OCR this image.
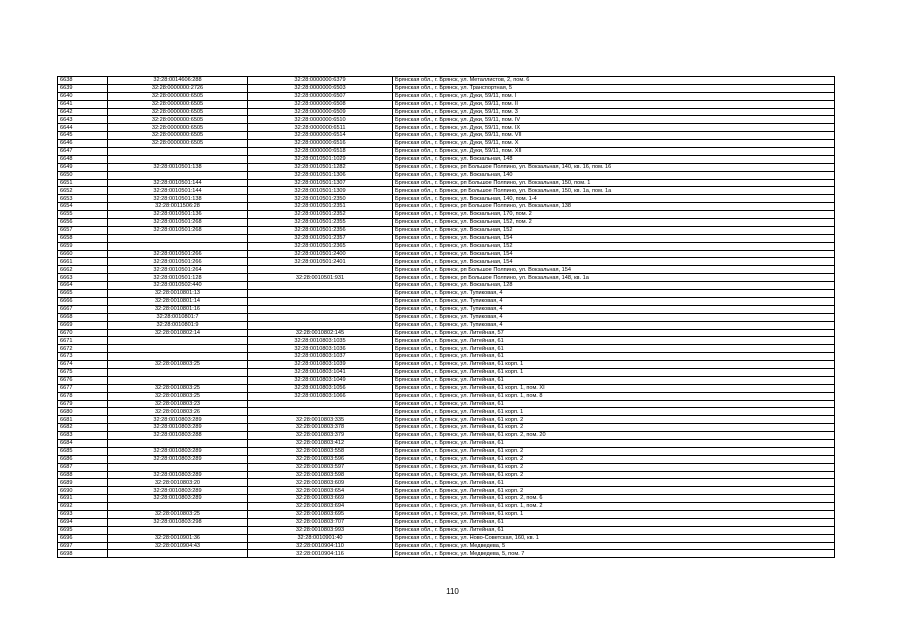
6638	32:28:0014606:288	32:28:0000000:6379	Брянская обл., г. Брянск, ул. Металлистов, 2, пом. 6
6639	32:28:0000000:2726	32:28:0000000:6503	Брянская обл., г. Брянск, ул. Транспортная, 5
6640	32:28:0000000:6505	32:28:0000000:6507	Брянская обл., г. Брянск, ул. Дуки, 59/11, пом. I
6641	32:28:0000000:6505	32:28:0000000:6508	Брянская обл., г. Брянск, ул. Дуки, 59/11, пом. II
6642	32:28:0000000:6505	32:28:0000000:6509	Брянская обл., г. Брянск, ул. Дуки, 59/11, пом. 3
6643	32:28:0000000:6505	32:28:0000000:6510	Брянская обл., г. Брянск, ул. Дуки, 59/11, пом. IV
6644	32:28:0000000:6505	32:28:0000000:6511	Брянская обл., г. Брянск, ул. Дуки, 59/11, пом. IX
6645	32:28:0000000:6505	32:28:0000000:6514	Брянская обл., г. Брянск, ул. Дуки, 59/11, пом. VII
6646	32:28:0000000:6505	32:28:0000000:6516	Брянская обл., г. Брянск, ул. Дуки, 59/11, пом. X
6647		32:28:0000000:6518	Брянская обл., г. Брянск, ул. Дуки, 59/11, пом. XII
6648		32:28:0010501:1029	Брянская обл., г. Брянск, ул. Вокзальная, 148
6649	32:28:0010501:138	32:28:0010501:1282	Брянская обл., г. Брянск, рп Большое Полпино, ул. Вокзальная, 140, кв. 16, пом. 16
6650		32:28:0010501:1306	Брянская обл., г. Брянск, ул. Вокзальная, 140
6651	32:28:0010501:144	32:28:0010501:1307	Брянская обл., г. Брянск, рп Большое Полпино, ул. Вокзальная, 150, пом. 1
6652	32:28:0010501:144	32:28:0010501:1309	Брянская обл., г. Брянск, рп Большое Полпино, ул. Вокзальная, 150, кв. 1а, пом. 1а
6653	32:28:0010501:138	32:28:0010501:2350	Брянская обл., г. Брянск, ул. Вокзальная, 140, пом. 1-4
6654	32:28:0011506:28	32:28:0010501:2351	Брянская обл., г. Брянск, рп Большое Полпино, ул. Вокзальная, 138
6655	32:28:0010501:136	32:28:0010501:2352	Брянская обл., г. Брянск, ул. Вокзальная, 170, пом. 2
6656	32:28:0010501:268	32:28:0010501:2355	Брянская обл., г. Брянск, ул. Вокзальная, 152, пом. 2
6657	32:28:0010501:268	32:28:0010501:2356	Брянская обл., г. Брянск, ул. Вокзальная, 152
6658		32:28:0010501:2357	Брянская обл., г. Брянск, ул. Вокзальная, 154
6659		32:28:0010501:2365	Брянская обл., г. Брянск, ул. Вокзальная, 152
6660	32:28:0010501:266	32:28:0010501:2400	Брянская обл., г. Брянск, ул. Вокзальная, 154
6661	32:28:0010501:266	32:28:0010501:2401	Брянская обл., г. Брянск, ул. Вокзальная, 154
6662	32:28:0010501:264		Брянская обл., г. Брянск, рп Большое Полпино, ул. Вокзальная, 154
6663	32:28:0010501:128	32:28:0010501:931	Брянская обл., г. Брянск, рп Большое Полпино, ул. Вокзальная, 148, кв. 1а
6664	32:28:0010502:440		Брянская обл., г. Брянск, ул. Вокзальная, 128
6665	32:28:0010801:13		Брянская обл., г. Брянск, ул. Тупиковая, 4
6666	32:28:0010801:14		Брянская обл., г. Брянск, ул. Тупиковая, 4
6667	32:28:0010801:16		Брянская обл., г. Брянск, ул. Тупиковая, 4
6668	32:28:0010801:7		Брянская обл., г. Брянск, ул. Тупиковая, 4
6669	32:28:0010801:9		Брянская обл., г. Брянск, ул. Тупиковая, 4
6670	32:28:0010802:14	32:28:0010802:145	Брянская обл., г. Брянск, ул. Литейная, 57
6671		32:28:0010803:1035	Брянская обл., г. Брянск, ул. Литейная, 61
6672		32:28:0010803:1036	Брянская обл., г. Брянск, ул. Литейная, 61
6673		32:28:0010803:1037	Брянская обл., г. Брянск, ул. Литейная, 61
6674	32:28:0010803:25	32:28:0010803:1039	Брянская обл., г. Брянск, ул. Литейная, 61 корп. 1
6675		32:28:0010803:1041	Брянская обл., г. Брянск, ул. Литейная, 61 корп. 1
6676		32:28:0010803:1049	Брянская обл., г. Брянск, ул. Литейная, 61
6677	32:28:0010803:25	32:28:0010803:1056	Брянская обл., г. Брянск, ул. Литейная, 61 корп. 1, пом. XI
6678	32:28:0010803:25	32:28:0010803:1066	Брянская обл., г. Брянск, ул. Литейная, 61 корп. 1, пом. 8
6679	32:28:0010803:23		Брянская обл., г. Брянск, ул. Литейная, 61
6680	32:28:0010803:26		Брянская обл., г. Брянск, ул. Литейная, 61 корп. 1
6681	32:28:0010803:289	32:28:0010803:335	Брянская обл., г. Брянск, ул. Литейная, 61 корп. 2
6682	32:28:0010803:289	32:28:0010803:378	Брянская обл., г. Брянск, ул. Литейная, 61 корп. 2
6683	32:28:0010803:288	32:28:0010803:379	Брянская обл., г. Брянск, ул. Литейная, 61 корп. 2, пом. 20
6684		32:28:0010803:412	Брянская обл., г. Брянск, ул. Литейная, 61
6685	32:28:0010803:289	32:28:0010803:558	Брянская обл., г. Брянск, ул. Литейная, 61 корп. 2
6686	32:28:0010803:289	32:28:0010803:596	Брянская обл., г. Брянск, ул. Литейная, 61 корп. 2
6687		32:28:0010803:597	Брянская обл., г. Брянск, ул. Литейная, 61 корп. 2
6688	32:28:0010803:289	32:28:0010803:598	Брянская обл., г. Брянск, ул. Литейная, 61 корп. 2
6689	32:28:0010803:20	32:28:0010803:609	Брянская обл., г. Брянск, ул. Литейная, 61
6690	32:28:0010803:289	32:28:0010803:654	Брянская обл., г. Брянск, ул. Литейная, 61 корп. 2
6691	32:28:0010803:289	32:28:0010803:669	Брянская обл., г. Брянск, ул. Литейная, 61 корп. 2, пом. 6
6692		32:28:0010803:694	Брянская обл., г. Брянск, ул. Литейная, 61 корп. 1, пом. 2
6693	32:28:0010803:25	32:28:0010803:695	Брянская обл., г. Брянск, ул. Литейная, 61 корп. 1
6694	32:28:0010803:298	32:28:0010803:707	Брянская обл., г. Брянск, ул. Литейная, 61
6695		32:28:0010803:993	Брянская обл., г. Брянск, ул. Литейная, 61
6696	32:28:0010901:36	32:28:0010901:40	Брянская обл., г. Брянск, ул. Ново-Советская, 160, кв. 1
6697	32:28:0010904:43	32:28:0010904:110	Брянская обл., г. Брянск, ул. Медведева, 5
6698		32:28:0010904:116	Брянская обл., г. Брянск, ул. Медведева, 5, пом. 7
110
